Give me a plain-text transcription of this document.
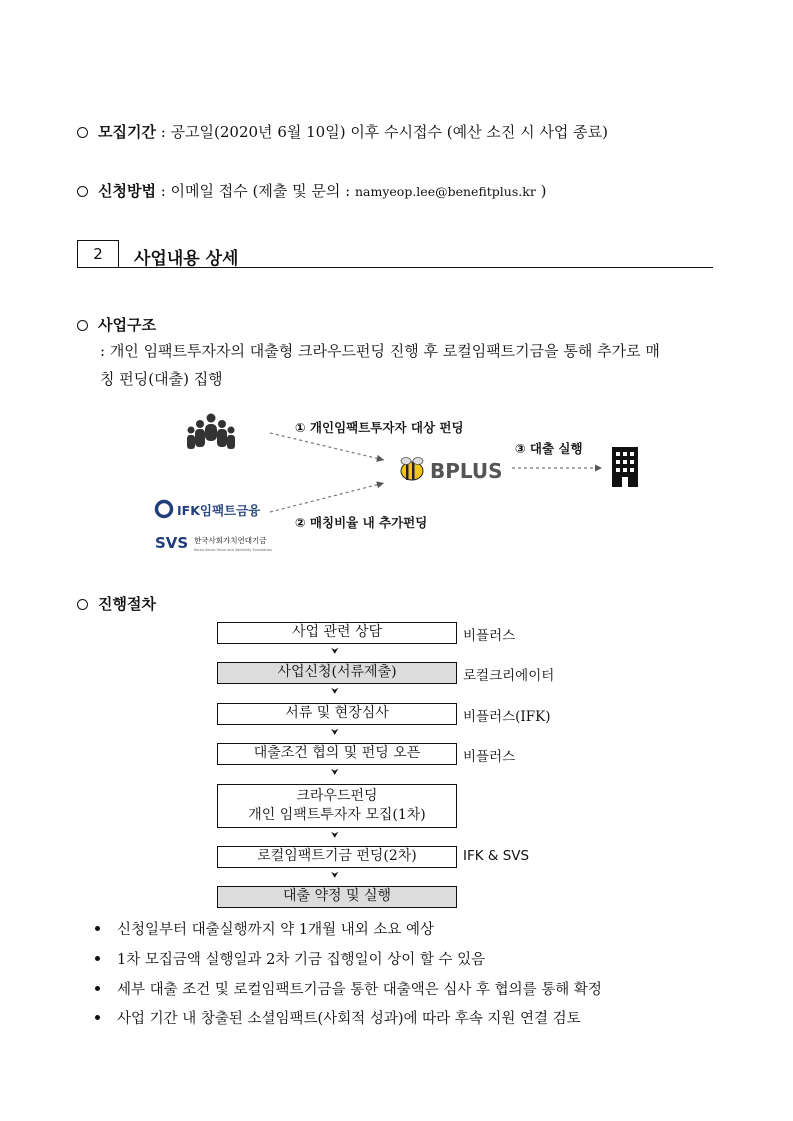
모집기간 : 공고일(2020년 6월 10일) 이후 수시접수 (예산 소진 시 사업 종료)
신청방법 : 이메일 접수 (제출 및 문의 : namyeop.lee@benefitplus.kr )
2	사업내용 상세
사업구조
: 개인 임팩트투자자의 대출형 크라우드펀딩 진행 후 로컬임팩트기금을 통해 추가로 매
칭 펀딩(대출) 집행
① 개인임팩트투자자 대상 펀딩
② 매칭비율 내 추가펀딩
③ 대출 실행
BPLUS
IFK임팩트금융
SVS 한국사회가치연대기금
Korea Social Value and Solidarity Foundation
진행절차
사업 관련 상담	비플러스
⮟
사업신청(서류제출)	로컬크리에이터
⮟
서류 및 현장심사	비플러스(IFK)
⮟
대출조건 협의 및 펀딩 오픈	비플러스
⮟
크라우드펀딩
개인 임팩트투자자 모집(1차)
⮟
로컬임팩트기금 펀딩(2차)	IFK & SVS
⮟
대출 약정 및 실행
신청일부터 대출실행까지 약 1개월 내외 소요 예상
1차 모집금액 실행일과 2차 기금 집행일이 상이 할 수 있음
세부 대출 조건 및 로컬임팩트기금을 통한 대출액은 심사 후 협의를 통해 확정
사업 기간 내 창출된 소셜임팩트(사회적 성과)에 따라 후속 지원 연결 검토
